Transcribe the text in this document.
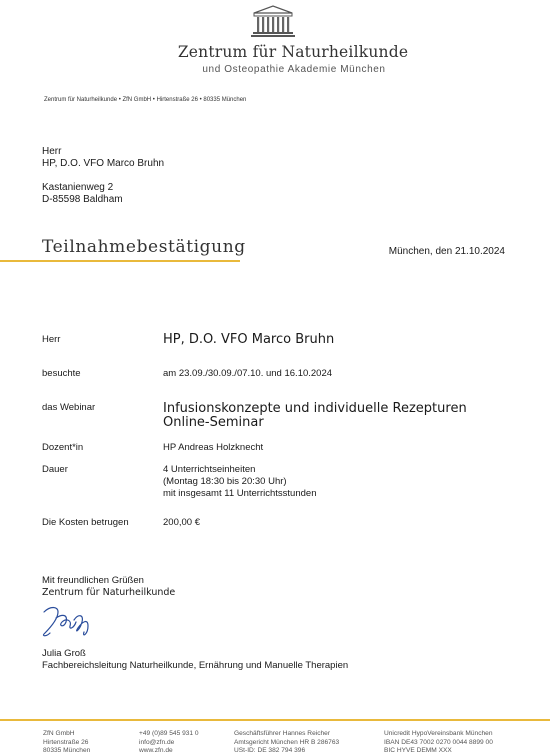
Zentrum für Naturheilkunde
und Osteopathie Akademie München
Zentrum für Naturheilkunde • ZfN GmbH • Hirtenstraße 26 • 80335 München
Herr
HP, D.O. VFO Marco Bruhn
Kastanienweg 2
D-85598 Baldham
Teilnahmebestätigung	München, den 21.10.2024
Herr	HP, D.O. VFO Marco Bruhn
besuchte	am 23.09./30.09./07.10. und 16.10.2024
das Webinar	Infusionskonzepte und individuelle Rezepturen
Online-Seminar
Dozent*in	HP Andreas Holzknecht
Dauer	4 Unterrichtseinheiten
(Montag 18:30 bis 20:30 Uhr)
mit insgesamt 11 Unterrichtsstunden
Die Kosten betrugen	200,00 €
Mit freundlichen Grüßen
Zentrum für Naturheilkunde
Julia Groß
Fachbereichsleitung Naturheilkunde, Ernährung und Manuelle Therapien
ZfN GmbH
Hirtenstraße 26
80335 München
+49 (0)89 545 931 0
info@zfn.de
www.zfn.de
Geschäftsführer Hannes Reicher
Amtsgericht München HR B 286763
USt-ID: DE 382 794 396
Unicredit HypoVereinsbank München
IBAN DE43 7002 0270 0044 8899 00
BIC HYVE DEMM XXX
